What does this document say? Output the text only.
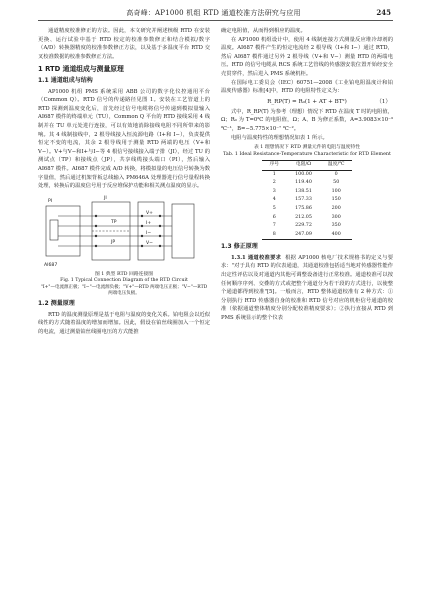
高奇峰：AP1000 机组 RTD 通道校准方法研究与应用	245

通道精度校准修正的方法。因此，本文研究并阐述核级 RTD 在安装更换、运行试验中基于 RTD 校定的校准参数修正和结合模拟/数字（A/D）转换器精度的校准参数修正方法，以及基于多温度平台 RTD 交叉校准数据的校准参数修正方法。

1 RTD 通道组成与测量原理
1.1 通道组成与结构

AP1000 机组 PMS 系统采用 ABB 公司的数字化仪控通用平台（Common Q）。RTD 信号的传递路径见图 1。安装在工艺管道上的 RTD 探测到温度变化后，首先经过信号电缆将信号传递到模拟量输入 AI687 模件的终端单元（TU），Common Q 平台的 RTD 接线采用 4 线制并在 TU 单元处进行连接，可以有效地消除接线电阻不同所带来的影响。其 4 线制接线中，2 根导线接入恒流源电路（I+和 I−），负责提供恒定不变的电流，其余 2 根导线用于测量 RTD 两端的电压（V+和 V−）。V+与V−和I+与I−等 4 根信号接线接入端子排（JI），经过 TU 的测试点（TP）和接线点（JP），共享线缆接头端口（PI），然后输入 AI687 模件。AI687 模件完成 A/D 转换，将模拟量的电压信号转换为数字量值，然后通过机架背板总线输入 PM646A 处理器进行信号量程转换处理，转换后的温度信号用于反应堆保护功能和相关测点温度的显示。

PI
JI
TP
JP
V+
I+
I−
V−
AI687
图 1 典型 RTD 回路连接图
Fig. 1 Typical Connection Diagram of the RTD Circuit
"I+"—电流源正极；"I−"—电流源负极；"V+"—RTD 两端电压正极；"V−"—RTD 两端电压负极。
1.2 测量原理

RTD 的温度测量原理是基于电阻与温度的变化关系。铂电阻会以近似线性的方式随着温度的增加而增加。因此，假设在铂丝线圈加入一个恒定的电流，通过测量铂丝线圈电压的方式能推

确定电阻值，从而得到相应的温度。

在 AP1000 机组设计中，使用 4 线制连接方式测量反应堆冷却剂的温度。AI687 模件产生的恒定电流经 2 根导线（I+和 I−）通过 RTD，然后 AI687 模件通过另外 2 根导线（V+和 V−）测量 RTD 的两端电压。RTD 的信号电缆从 RCS 系统工艺管线的传感器安装位置开始经安全壳贯穿件，然后进入 PMS 系统机柜。

在国际电工委员会（IEC）60751—2008《工业铂电阻温度计和铂温度传感器》标准[4]中，RTD 的电阻特性定义为：

R_RP(T) = R₀(1 + AT + BT²)	（1）

式中，R_RP(T) 为参考（理想）情况下 RTD 在温度 T 时的电阻值，Ω；R₀ 为 T=0℃ 的电阻值，Ω；A、B 为修正系数，A=3.9083×10⁻³ ℃⁻¹，B=−5.775×10⁻⁷ ℃⁻²。

电阻与温度特性的理想情况如表 1 所示。

表 1 理想情况下 RTD 测量元件的电阻与温度特性
Tab. 1 Ideal Resistance-Temperature Characteristic for RTD Element
序号	电阻/Ω	温度/℃
1	100.00	0
2	119.40	50
3	138.51	100
4	157.33	150
5	175.86	200
6	212.05	300
7	229.72	350
8	247.09	400
1.3 修正原理

1.3.1 通道校准要求 根据 AP1000 核电厂技术规格书的定义与要求："对于具有 RTD 的仪表通道，其通道校准包括适当地对传感器性能作出定性评估以及对通道内其他可调整设备进行正常校准。通道校准可以按任何顺序序列、交叠的方式或把整个通道分为若干段的方式进行，以使整个通道都得到校准"[5]。一般而言，RTD 整体通道校准有 2 种方式：①分别执行 RTD 传感器自身的校准和 RTD 信号对应的机柜信号通道的校准（依据通道整体精度分别分配校准精度要求）；②执行直接从 RTD 到 PMS 系统显示的整个仪表
